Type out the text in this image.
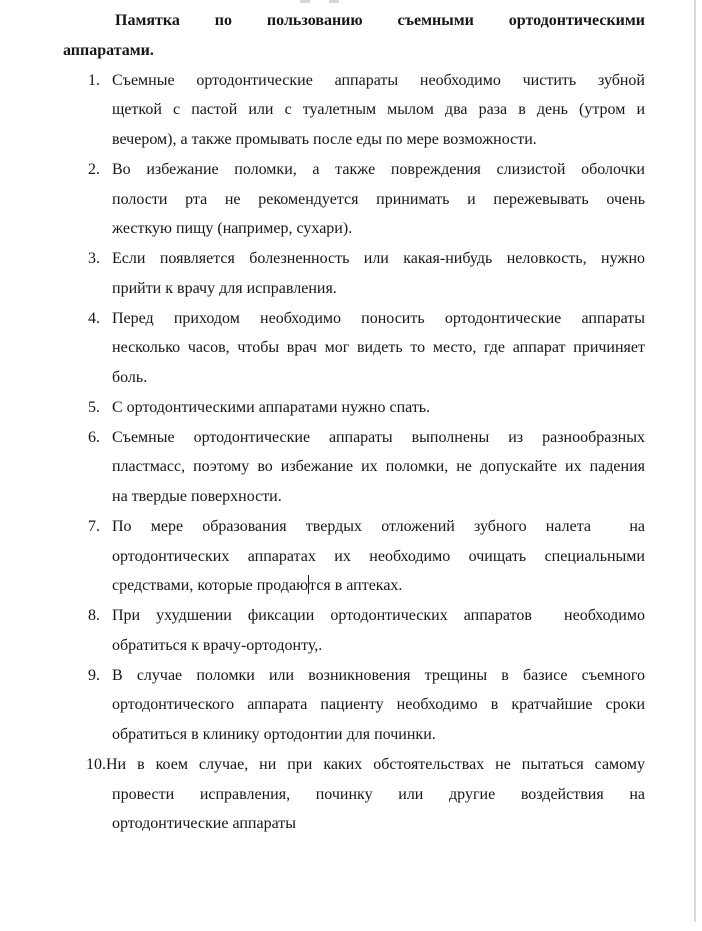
Памятка по пользованию съемными ортодонтическими
аппаратами.
1. Съемные ортодонтические аппараты необходимо чистить зубной
щеткой с пастой или с туалетным мылом два раза в день (утром и
вечером), а также промывать после еды по мере возможности.
2. Во избежание поломки, а также повреждения слизистой оболочки
полости рта не рекомендуется принимать и пережевывать очень
жесткую пищу (например, сухари).
3. Если появляется болезненность или какая-нибудь неловкость, нужно
прийти к врачу для исправления.
4. Перед приходом необходимо поносить ортодонтические аппараты
несколько часов, чтобы врач мог видеть то место, где аппарат причиняет
боль.
5. С ортодонтическими аппаратами нужно спать.
6. Съемные ортодонтические аппараты выполнены из разнообразных
пластмасс, поэтому во избежание их поломки, не допускайте их падения
на твердые поверхности.
7. По мере образования твердых отложений зубного налета  на
ортодонтических аппаратах их необходимо очищать специальными
средствами, которые продаются в аптеках.
8. При ухудшении фиксации ортодонтических аппаратов  необходимо
обратиться к врачу-ортодонту,.
9. В случае поломки или возникновения трещины в базисе съемного
ортодонтического аппарата пациенту необходимо в кратчайшие сроки
обратиться в клинику ортодонтии для починки.
10.Ни в коем случае, ни при каких обстоятельствах не пытаться самому
провести исправления, починку или другие воздействия на
ортодонтические аппараты
